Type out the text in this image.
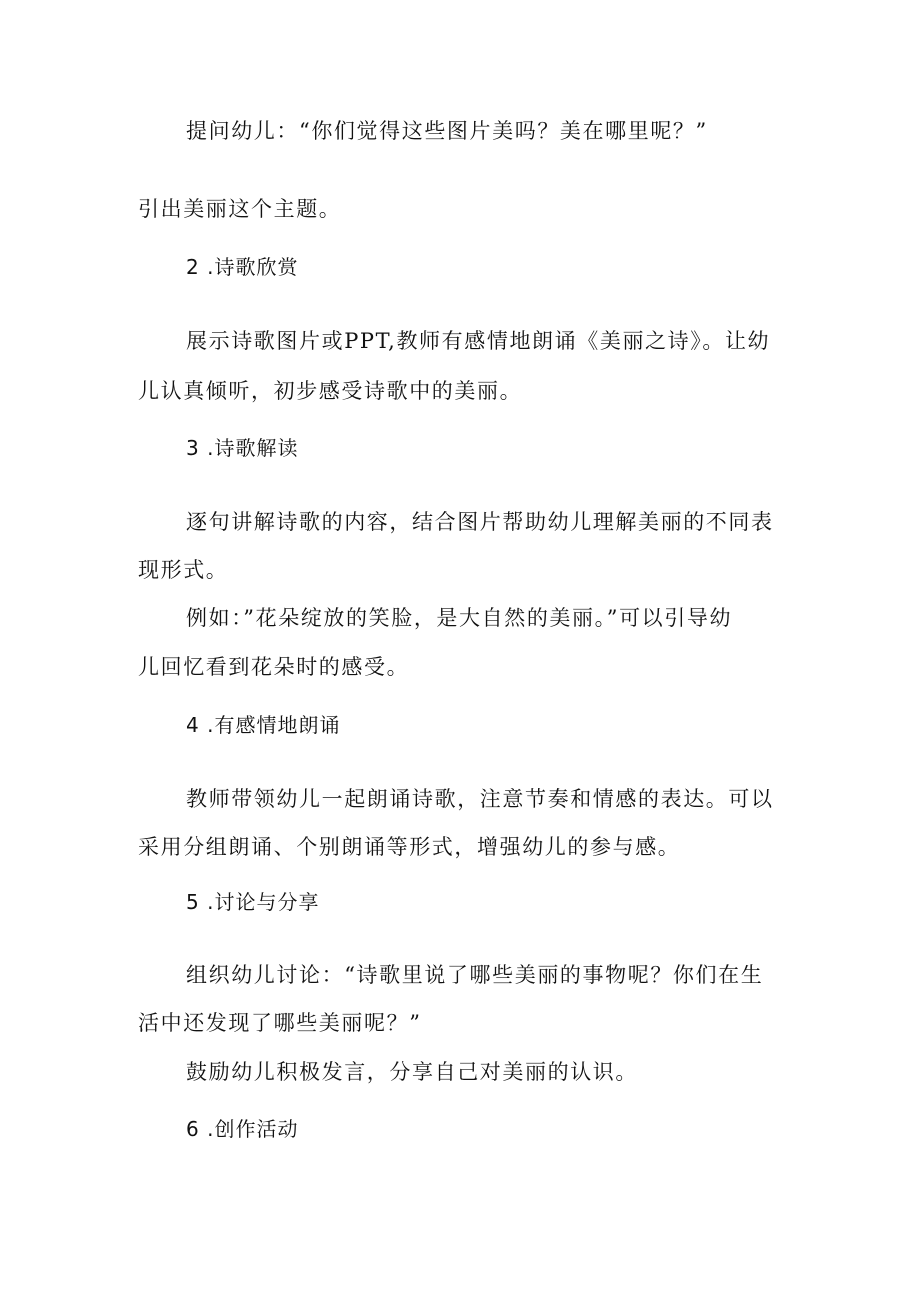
提问幼儿：“你们觉得这些图片美吗？美在哪里呢？”

引出美丽这个主题。

2 .诗歌欣赏

展示诗歌图片或PPT,教师有感情地朗诵《美丽之诗》。让幼

儿认真倾听，初步感受诗歌中的美丽。

3 .诗歌解读

逐句讲解诗歌的内容，结合图片帮助幼儿理解美丽的不同表

现形式。

例如：”花朵绽放的笑脸，是大自然的美丽。”可以引导幼

儿回忆看到花朵时的感受。

4 .有感情地朗诵

教师带领幼儿一起朗诵诗歌，注意节奏和情感的表达。可以

采用分组朗诵、个别朗诵等形式，增强幼儿的参与感。

5 .讨论与分享

组织幼儿讨论：“诗歌里说了哪些美丽的事物呢？你们在生

活中还发现了哪些美丽呢？”

鼓励幼儿积极发言，分享自己对美丽的认识。

6 .创作活动
